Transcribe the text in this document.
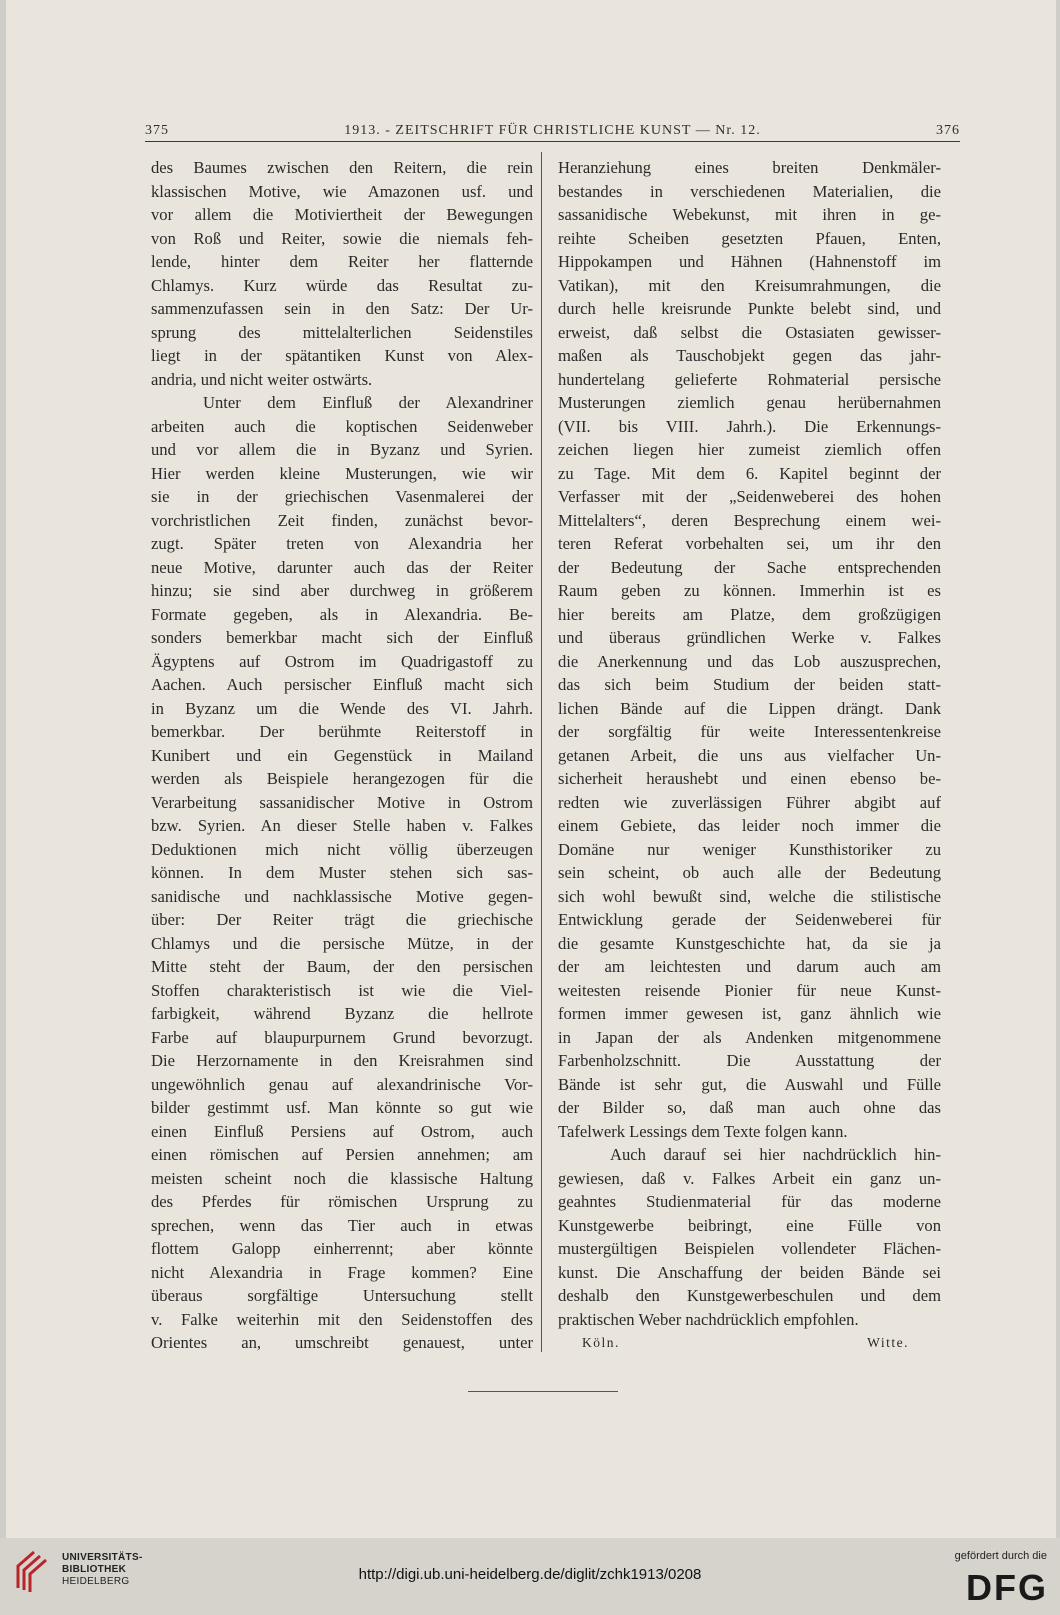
375	1913. - ZEITSCHRIFT FÜR CHRISTLICHE KUNST — Nr. 12.	376
des Baumes zwischen den Reitern, die rein
klassischen Motive, wie Amazonen usf. und
vor allem die Motiviertheit der Bewegungen
von Roß und Reiter, sowie die niemals feh-
lende, hinter dem Reiter her flatternde
Chlamys. Kurz würde das Resultat zu-
sammenzufassen sein in den Satz: Der Ur-
sprung des mittelalterlichen Seidenstiles
liegt in der spätantiken Kunst von Alex-
andria, und nicht weiter ostwärts.
Unter dem Einfluß der Alexandriner
arbeiten auch die koptischen Seidenweber
und vor allem die in Byzanz und Syrien.
Hier werden kleine Musterungen, wie wir
sie in der griechischen Vasenmalerei der
vorchristlichen Zeit finden, zunächst bevor-
zugt. Später treten von Alexandria her
neue Motive, darunter auch das der Reiter
hinzu; sie sind aber durchweg in größerem
Formate gegeben, als in Alexandria. Be-
sonders bemerkbar macht sich der Einfluß
Ägyptens auf Ostrom im Quadrigastoff zu
Aachen. Auch persischer Einfluß macht sich
in Byzanz um die Wende des VI. Jahrh.
bemerkbar. Der berühmte Reiterstoff in
Kunibert und ein Gegenstück in Mailand
werden als Beispiele herangezogen für die
Verarbeitung sassanidischer Motive in Ostrom
bzw. Syrien. An dieser Stelle haben v. Falkes
Deduktionen mich nicht völlig überzeugen
können. In dem Muster stehen sich sas-
sanidische und nachklassische Motive gegen-
über: Der Reiter trägt die griechische
Chlamys und die persische Mütze, in der
Mitte steht der Baum, der den persischen
Stoffen charakteristisch ist wie die Viel-
farbigkeit, während Byzanz die hellrote
Farbe auf blaupurpurnem Grund bevorzugt.
Die Herzornamente in den Kreisrahmen sind
ungewöhnlich genau auf alexandrinische Vor-
bilder gestimmt usf. Man könnte so gut wie
einen Einfluß Persiens auf Ostrom, auch
einen römischen auf Persien annehmen; am
meisten scheint noch die klassische Haltung
des Pferdes für römischen Ursprung zu
sprechen, wenn das Tier auch in etwas
flottem Galopp einherrennt; aber könnte
nicht Alexandria in Frage kommen? Eine
überaus sorgfältige Untersuchung stellt
v. Falke weiterhin mit den Seidenstoffen des
Orientes an, umschreibt genauest, unter
Heranziehung eines breiten Denkmäler-
bestandes in verschiedenen Materialien, die
sassanidische Webekunst, mit ihren in ge-
reihte Scheiben gesetzten Pfauen, Enten,
Hippokampen und Hähnen (Hahnenstoff im
Vatikan), mit den Kreisumrahmungen, die
durch helle kreisrunde Punkte belebt sind, und
erweist, daß selbst die Ostasiaten gewisser-
maßen als Tauschobjekt gegen das jahr-
hundertelang gelieferte Rohmaterial persische
Musterungen ziemlich genau herübernahmen
(VII. bis VIII. Jahrh.). Die Erkennungs-
zeichen liegen hier zumeist ziemlich offen
zu Tage. Mit dem 6. Kapitel beginnt der
Verfasser mit der „Seidenweberei des hohen
Mittelalters“, deren Besprechung einem wei-
teren Referat vorbehalten sei, um ihr den
der Bedeutung der Sache entsprechenden
Raum geben zu können. Immerhin ist es
hier bereits am Platze, dem großzügigen
und überaus gründlichen Werke v. Falkes
die Anerkennung und das Lob auszusprechen,
das sich beim Studium der beiden statt-
lichen Bände auf die Lippen drängt. Dank
der sorgfältig für weite Interessentenkreise
getanen Arbeit, die uns aus vielfacher Un-
sicherheit heraushebt und einen ebenso be-
redten wie zuverlässigen Führer abgibt auf
einem Gebiete, das leider noch immer die
Domäne nur weniger Kunsthistoriker zu
sein scheint, ob auch alle der Bedeutung
sich wohl bewußt sind, welche die stilistische
Entwicklung gerade der Seidenweberei für
die gesamte Kunstgeschichte hat, da sie ja
der am leichtesten und darum auch am
weitesten reisende Pionier für neue Kunst-
formen immer gewesen ist, ganz ähnlich wie
in Japan der als Andenken mitgenommene
Farbenholzschnitt. Die Ausstattung der
Bände ist sehr gut, die Auswahl und Fülle
der Bilder so, daß man auch ohne das
Tafelwerk Lessings dem Texte folgen kann.
Auch darauf sei hier nachdrücklich hin-
gewiesen, daß v. Falkes Arbeit ein ganz un-
geahntes Studienmaterial für das moderne
Kunstgewerbe beibringt, eine Fülle von
mustergültigen Beispielen vollendeter Flächen-
kunst. Die Anschaffung der beiden Bände sei
deshalb den Kunstgewerbeschulen und dem
praktischen Weber nachdrücklich empfohlen.
Köln.	Witte.
UNIVERSITÄTS-
BIBLIOTHEK
HEIDELBERG	http://digi.ub.uni-heidelberg.de/diglit/zchk1913/0208
gefördert durch die
DFG
